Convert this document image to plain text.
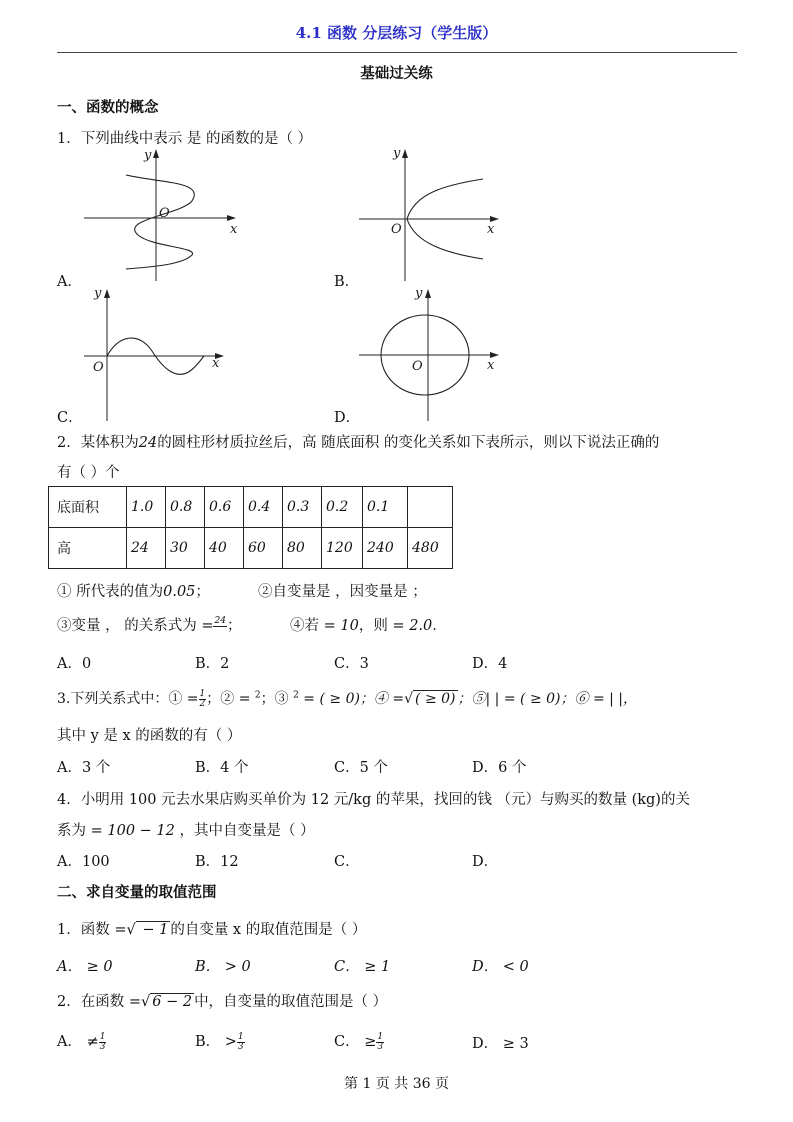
4.1 函数 分层练习（学生版）
基础过关练
一、函数的概念
1．下列曲线中表示 是 的函数的是（ ）
x
y
O
A．
x
y
O
B．
x
y
O
C．
x
y
O
D．
2．某体积为24的圆柱形材质拉丝后，高 随底面积 的变化关系如下表所示，则以下说法正确的
有（ ）个
底面积	1.0	0.8	0.6	0.4	0.3	0.2	0.1	
高	24	30	40	60	80	120	240	480
① 所代表的值为0.05；	②自变量是 ，因变量是 ；
③变量 ， 的关系式为 = 24
；	④若 = 10，则 = 2.0．
A．0	B．2	C．3	D．4
3.下列关系式中：① = $\frac{1}{2}$ ；② = $^2$；③ $^2$ = ( ≥ 0)；④ =√ ( ≥ 0) ；⑤| | = ( ≥ 0)；⑥ = | |，
其中 y 是 x 的函数的有（ ）
A．3 个	B．4 个	C．5 个	D．6 个
4．小明用 100 元去水果店购买单价为 12 元/kg 的苹果，找回的钱 （元）与购买的数量 (kg)的关
系为 = 100 − 12 ，其中自变量是（ ）
A．100	B．12	C．	D．
二、求自变量的取值范围
1．函数 =√ − 1 的自变量 x 的取值范围是（ ）
A． ≥ 0	B． > 0	C． ≥ 1	D． < 0
2．在函数 =√ 6 − 2 中，自变量的取值范围是（ ）
A． ≠ $\frac{1}{3}$	B． > $\frac{1}{3}$	C． ≥ $\frac{1}{3}$	D． ≥ 3
第 1 页 共 36 页
